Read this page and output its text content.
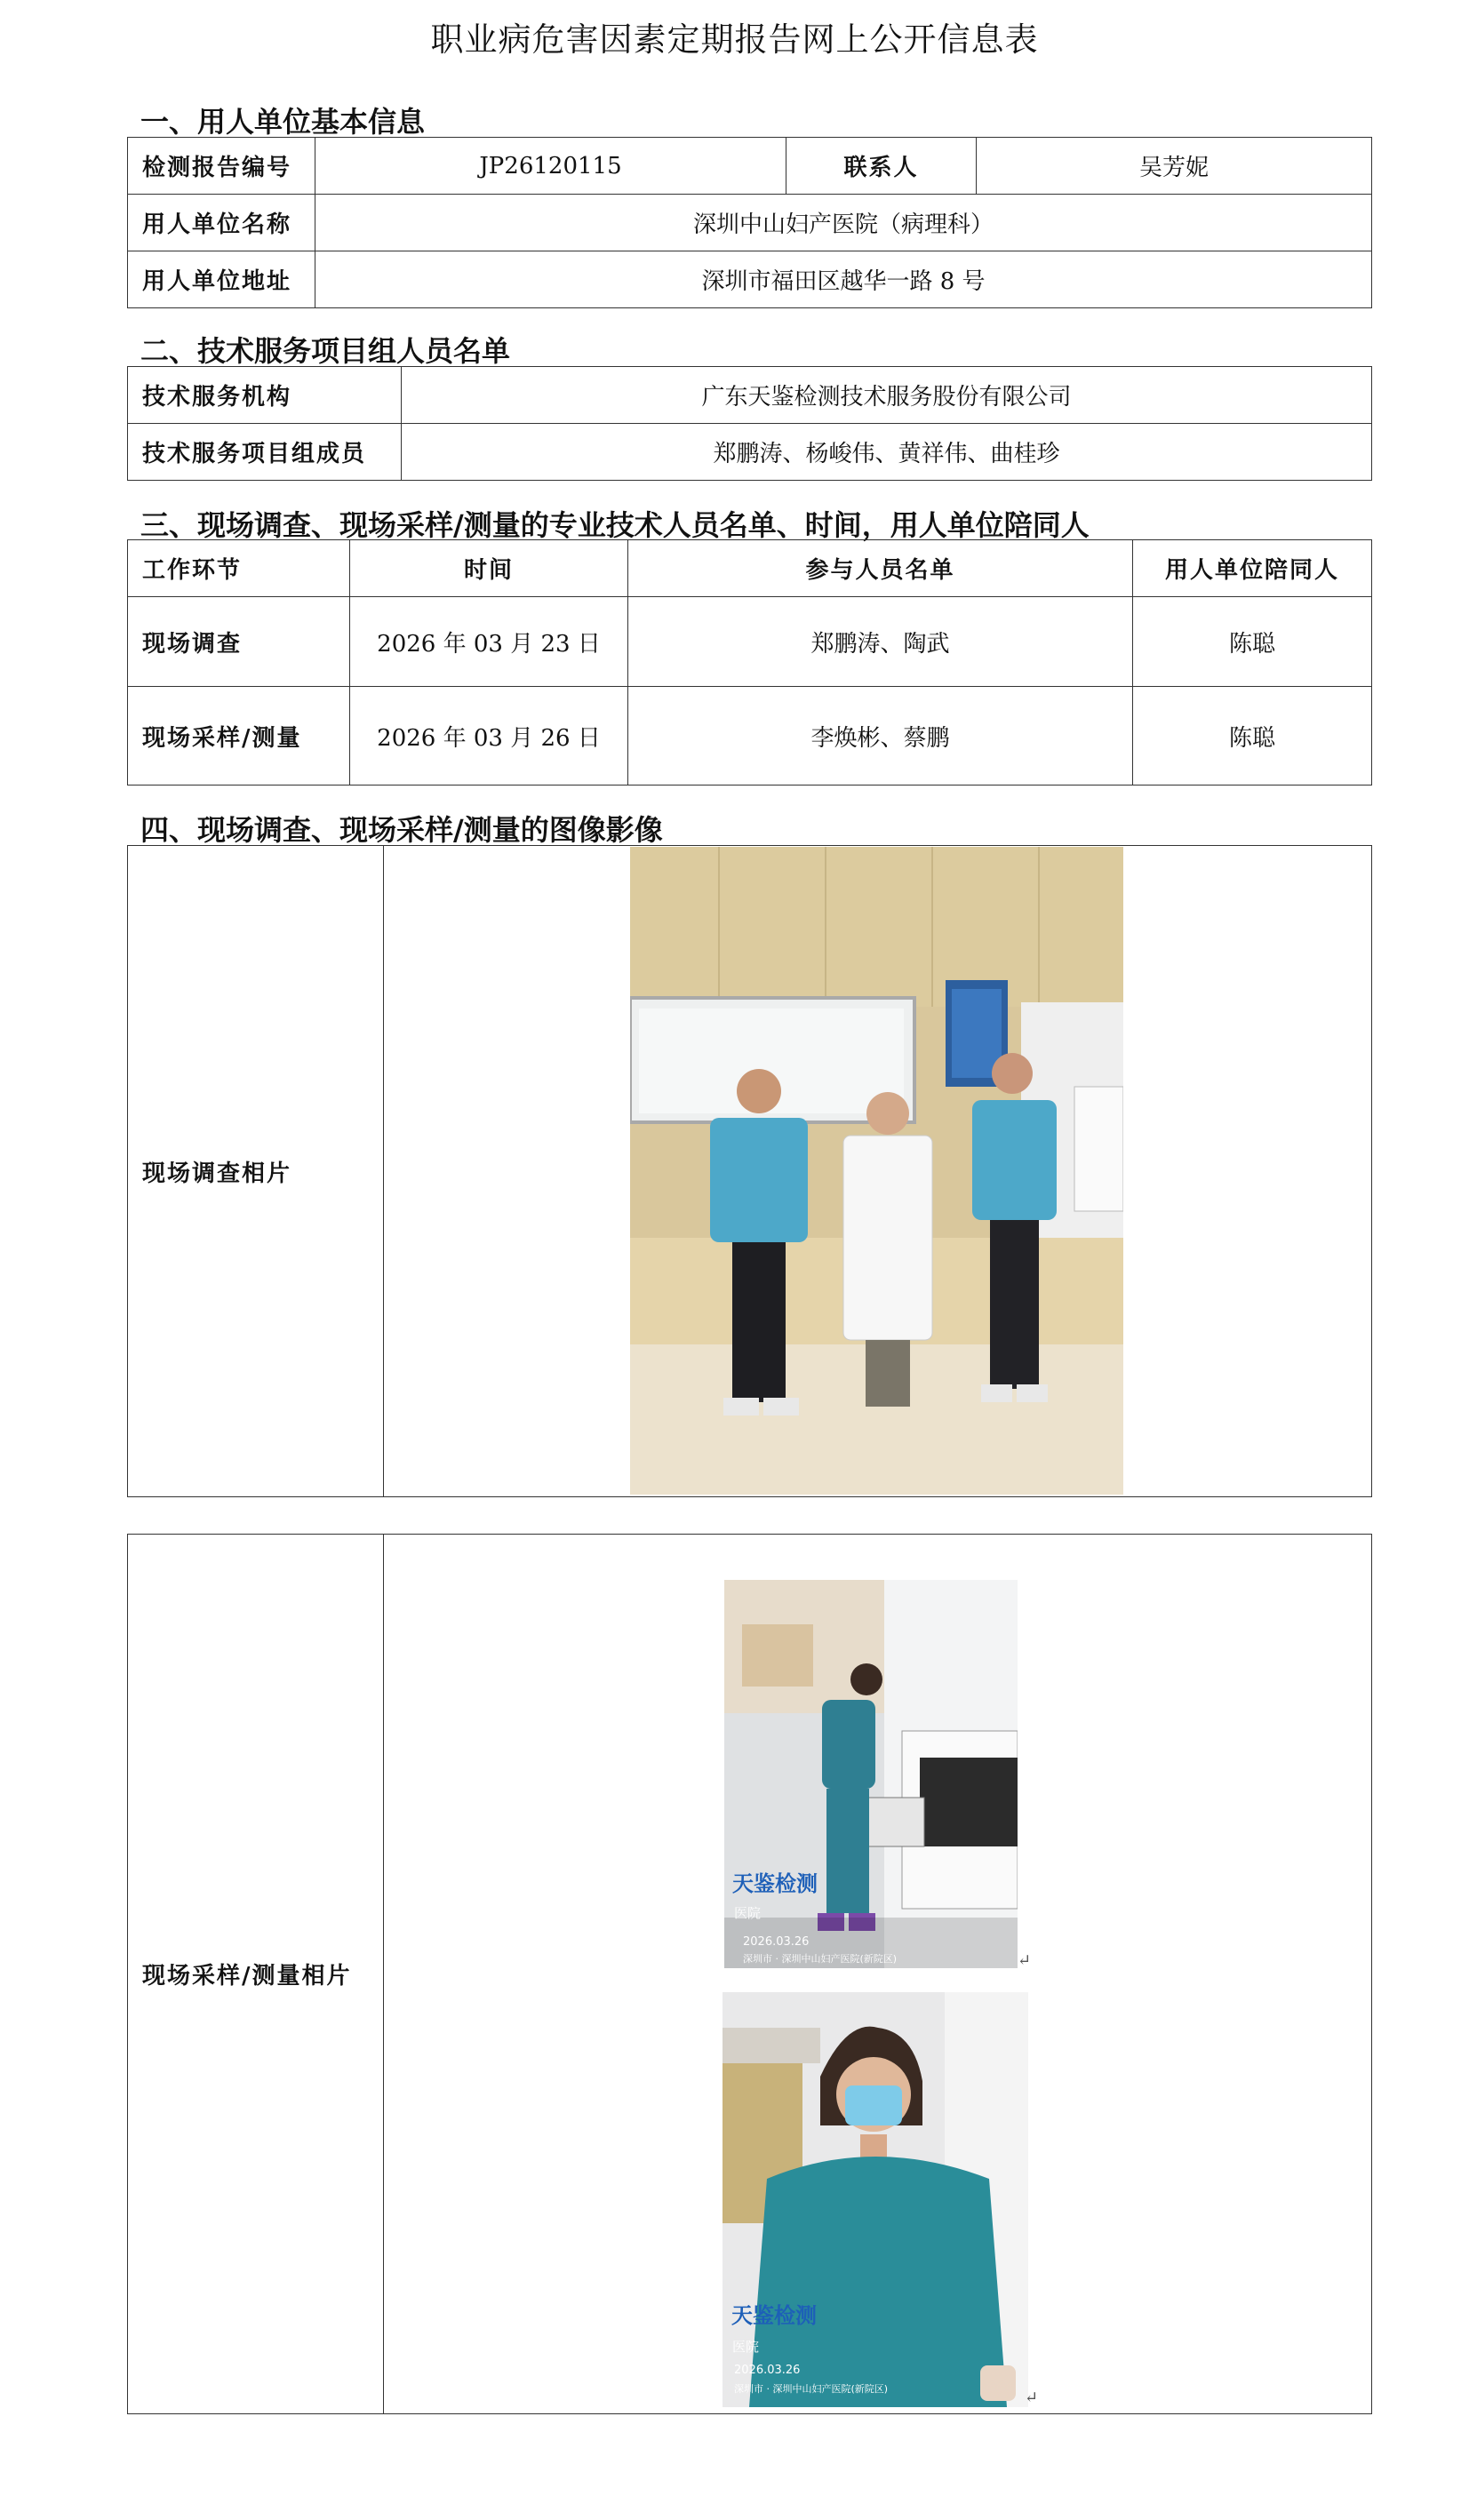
职业病危害因素定期报告网上公开信息表
一、用人单位基本信息
检测报告编号	JP26120115	联系人	吴芳妮
用人单位名称	深圳中山妇产医院（病理科）		
用人单位地址	深圳市福田区越华一路 8 号		
二、技术服务项目组人员名单
技术服务机构	广东天鉴检测技术服务股份有限公司
技术服务项目组成员	郑鹏涛、杨峻伟、黄祥伟、曲桂珍
三、现场调查、现场采样/测量的专业技术人员名单、时间，用人单位陪同人
工作环节	时间	参与人员名单	用人单位陪同人
现场调查	2026 年 03 月 23 日	郑鹏涛、陶武	陈聪
现场采样/测量	2026 年 03 月 26 日	李焕彬、蔡鹏	陈聪
四、现场调查、现场采样/测量的图像影像
现场调查相片	
现场采样/测量相片	
天鉴检测
医院
2026.03.26
深圳市 · 深圳中山妇产医院(新院区)	↵
天鉴检测
医院
2026.03.26
深圳市 · 深圳中山妇产医院(新院区)	↵
